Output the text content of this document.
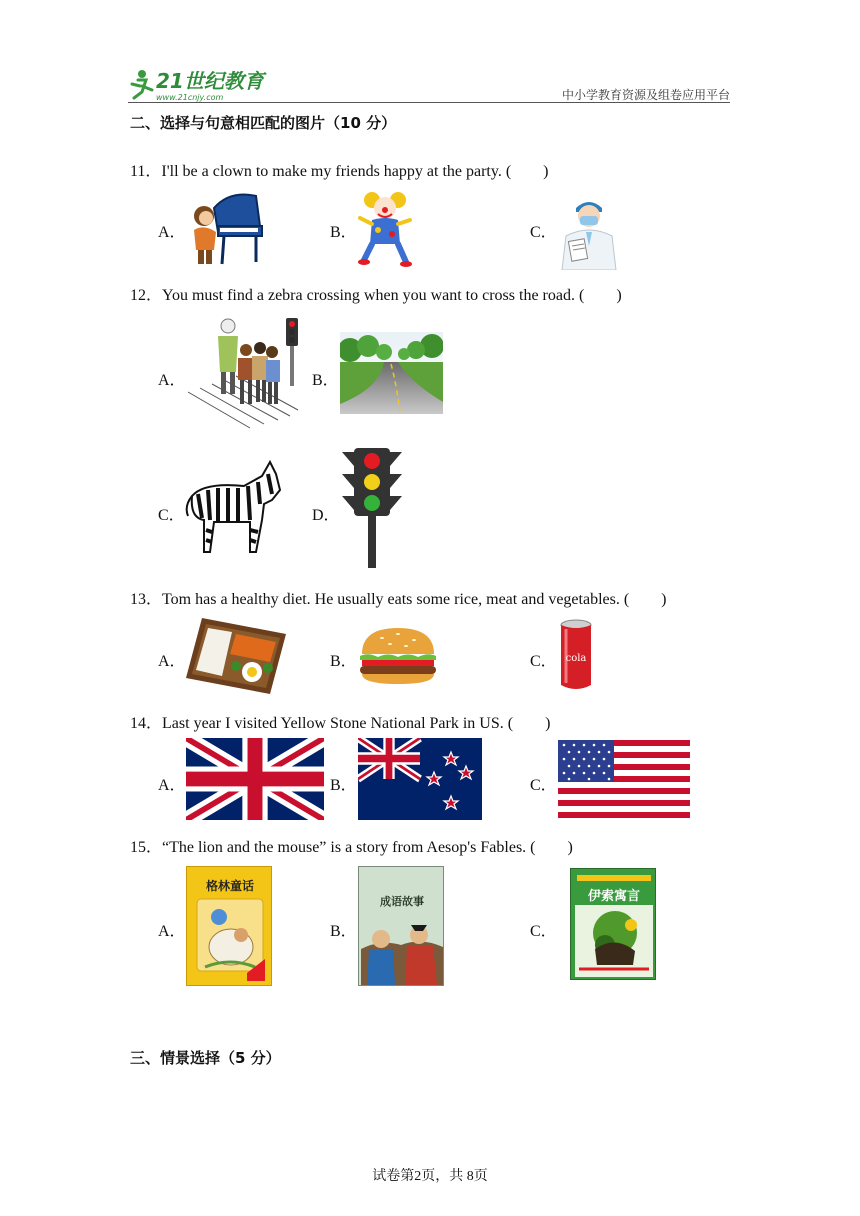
21世纪教育
www.21cnjy.com	中小学教育资源及组卷应用平台
二、选择与句意相匹配的图片（10 分）
11．I'll be a clown to make my friends happy at the party. (　　)
A．	B．	C．
12．You must find a zebra crossing when you want to cross the road. (　　)
A．	B．
C．	D．
13．Tom has a healthy diet. He usually eats some rice, meat and vegetables. (　　)
A．	B．	C． cola
14．Last year I visited Yellow Stone National Park in US. (　　)
A．	B．	C．
15．“The lion and the mouse” is a story from Aesop's Fables. (　　)
A．
格林童话
B．
成语故事
C．
伊索寓言
三、情景选择（5 分）
试卷第2页，共 8页
